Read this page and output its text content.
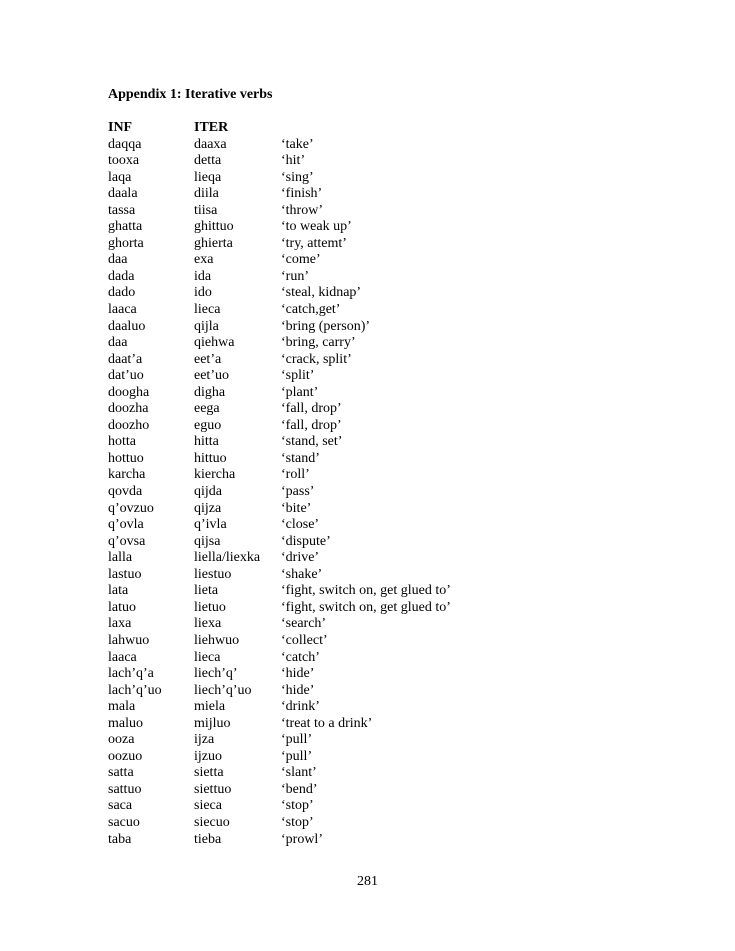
Appendix 1: Iterative verbs
INF	ITER
daqqa	daaxa	‘take’
tooxa	detta	‘hit’
laqa	lieqa	‘sing’
daala	diila	‘finish’
tassa	tiisa	‘throw’
ghatta	ghittuo	‘to weak up’
ghorta	ghierta	‘try, attemt’
daa	exa	‘come’
dada	ida	‘run’
dado	ido	‘steal, kidnap’
laaca	lieca	‘catch,get’
daaluo	qijla	‘bring (person)’
daa	qiehwa	‘bring, carry’
daat’a	eet’a	‘crack, split’
dat’uo	eet’uo	‘split’
doogha	digha	‘plant’
doozha	eega	‘fall, drop’
doozho	eguo	‘fall, drop’
hotta	hitta	‘stand, set’
hottuo	hittuo	‘stand’
karcha	kiercha	‘roll’
qovda	qijda	‘pass’
q’ovzuo	qijza	‘bite’
q’ovla	q’ivla	‘close’
q’ovsa	qijsa	‘dispute’
lalla	liella/liexka	‘drive’
lastuo	liestuo	‘shake’
lata	lieta	‘fight, switch on, get glued to’
latuo	lietuo	‘fight, switch on, get glued to’
laxa	liexa	‘search’
lahwuo	liehwuo	‘collect’
laaca	lieca	‘catch’
lach’q’a	liech’q’	‘hide’
lach’q’uo	liech’q’uo	‘hide’
mala	miela	‘drink’
maluo	mijluo	‘treat to a drink’
ooza	ijza	‘pull’
oozuo	ijzuo	‘pull’
satta	sietta	‘slant’
sattuo	siettuo	‘bend’
saca	sieca	‘stop’
sacuo	siecuo	‘stop’
taba	tieba	‘prowl’
281
